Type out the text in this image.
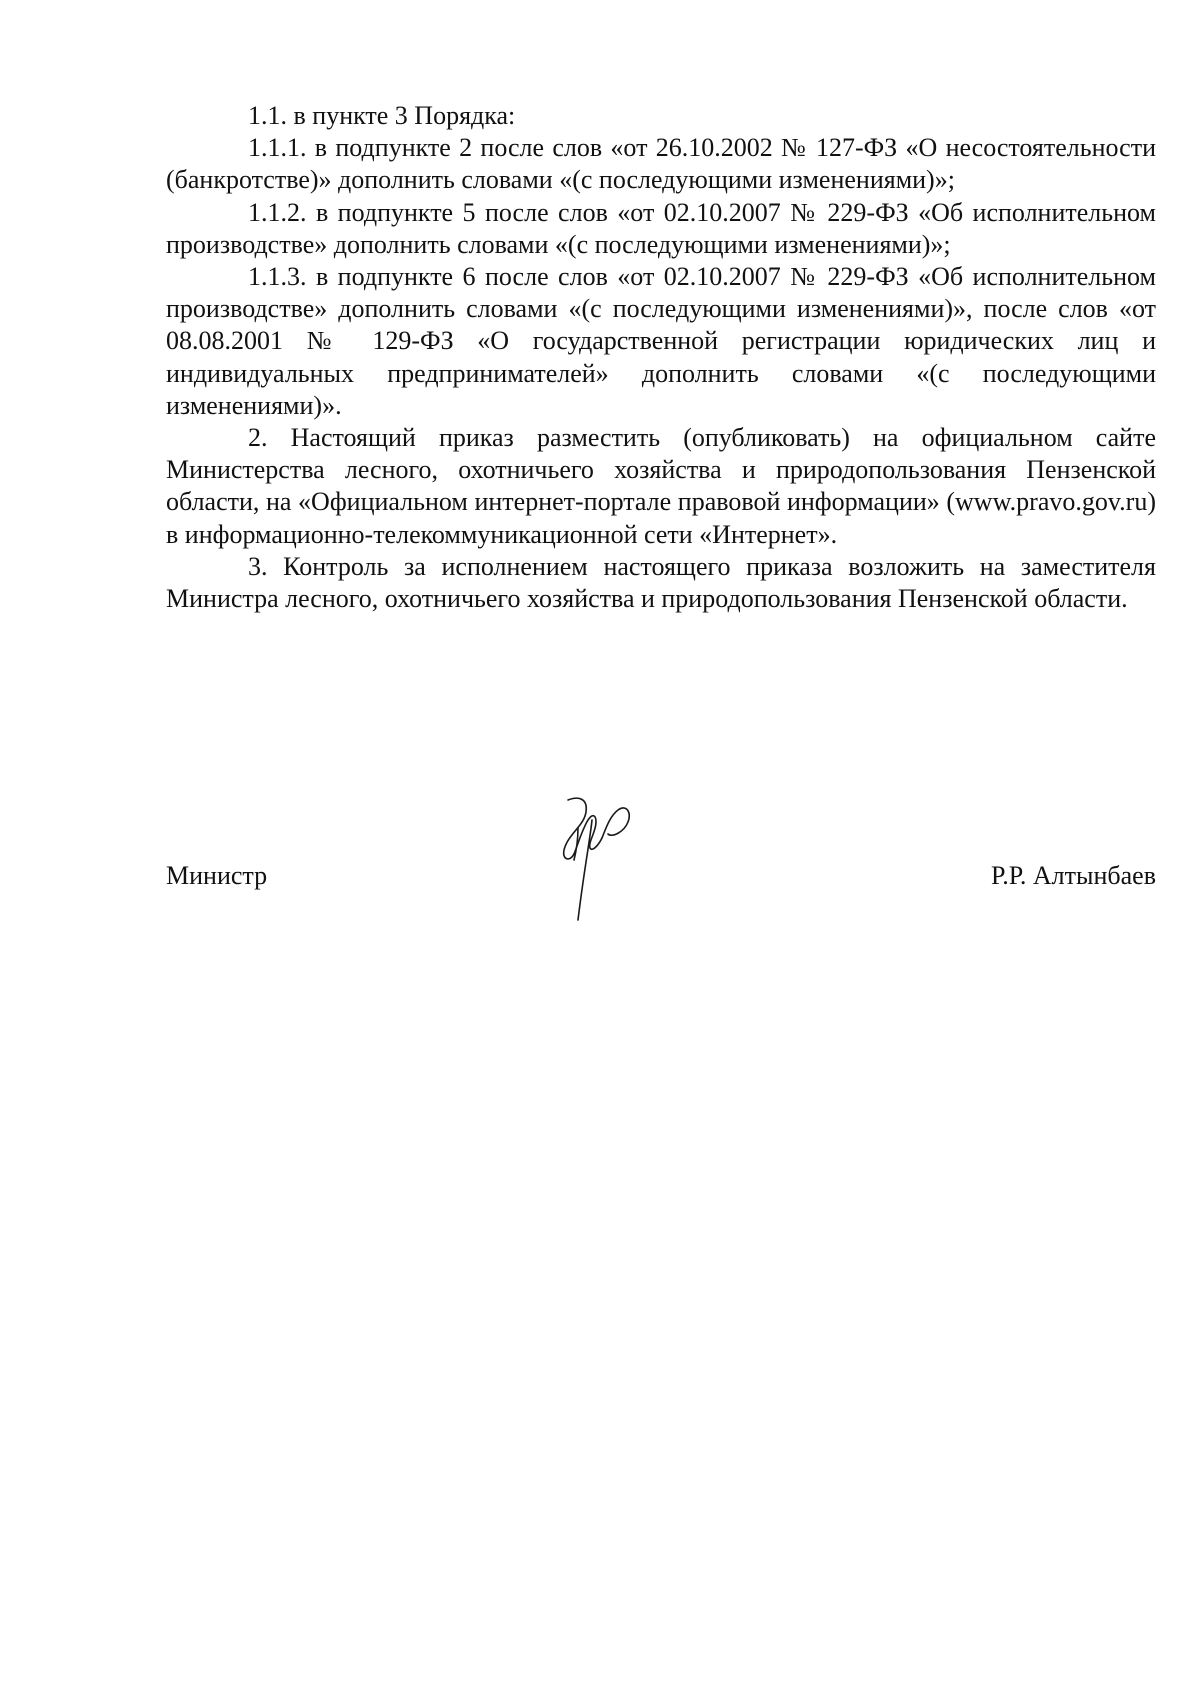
1.1. в пункте 3 Порядка:

1.1.1. в подпункте 2 после слов «от 26.10.2002 № 127-ФЗ «О несостоятельности (банкротстве)» дополнить словами «(с последующими изменениями)»;

1.1.2. в подпункте 5 после слов «от 02.10.2007 № 229-ФЗ «Об исполнительном производстве» дополнить словами «(с последующими изменениями)»;

1.1.3. в подпункте 6 после слов «от 02.10.2007 № 229-ФЗ «Об исполнительном производстве» дополнить словами «(с последующими изменениями)», после слов «от 08.08.2001 № 129-ФЗ «О государственной регистрации юридических лиц и индивидуальных предпринимателей» дополнить словами «(с последующими изменениями)».

2. Настоящий приказ разместить (опубликовать) на официальном сайте Министерства лесного, охотничьего хозяйства и природопользования Пензенской области, на «Официальном интернет-портале правовой информации» (www.pravo.gov.ru) в информационно-телекоммуникационной сети «Интернет».

3. Контроль за исполнением настоящего приказа возложить на заместителя Министра лесного, охотничьего хозяйства и природопользования Пензенской области.

Министр	Р.Р. Алтынбаев
